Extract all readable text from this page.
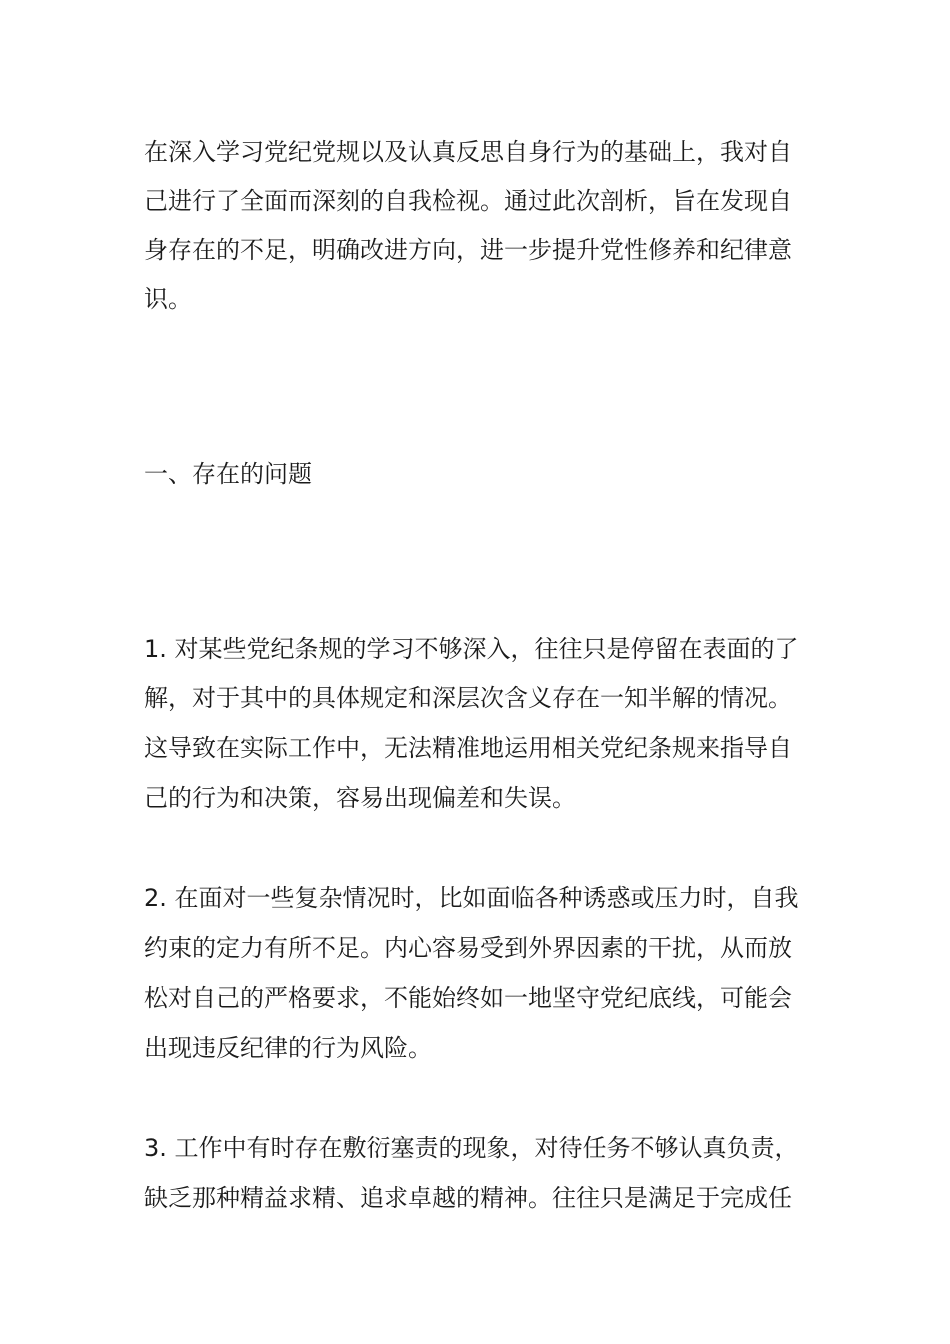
在深入学习党纪党规以及认真反思自身行为的基础上，我对自
己进行了全面而深刻的自我检视。通过此次剖析，旨在发现自
身存在的不足，明确改进方向，进一步提升党性修养和纪律意
识。
一、存在的问题
1. 对某些党纪条规的学习不够深入，往往只是停留在表面的了
解，对于其中的具体规定和深层次含义存在一知半解的情况。
这导致在实际工作中，无法精准地运用相关党纪条规来指导自
己的行为和决策，容易出现偏差和失误。
2. 在面对一些复杂情况时，比如面临各种诱惑或压力时，自我
约束的定力有所不足。内心容易受到外界因素的干扰，从而放
松对自己的严格要求，不能始终如一地坚守党纪底线，可能会
出现违反纪律的行为风险。
3. 工作中有时存在敷衍塞责的现象，对待任务不够认真负责，
缺乏那种精益求精、追求卓越的精神。往往只是满足于完成任
